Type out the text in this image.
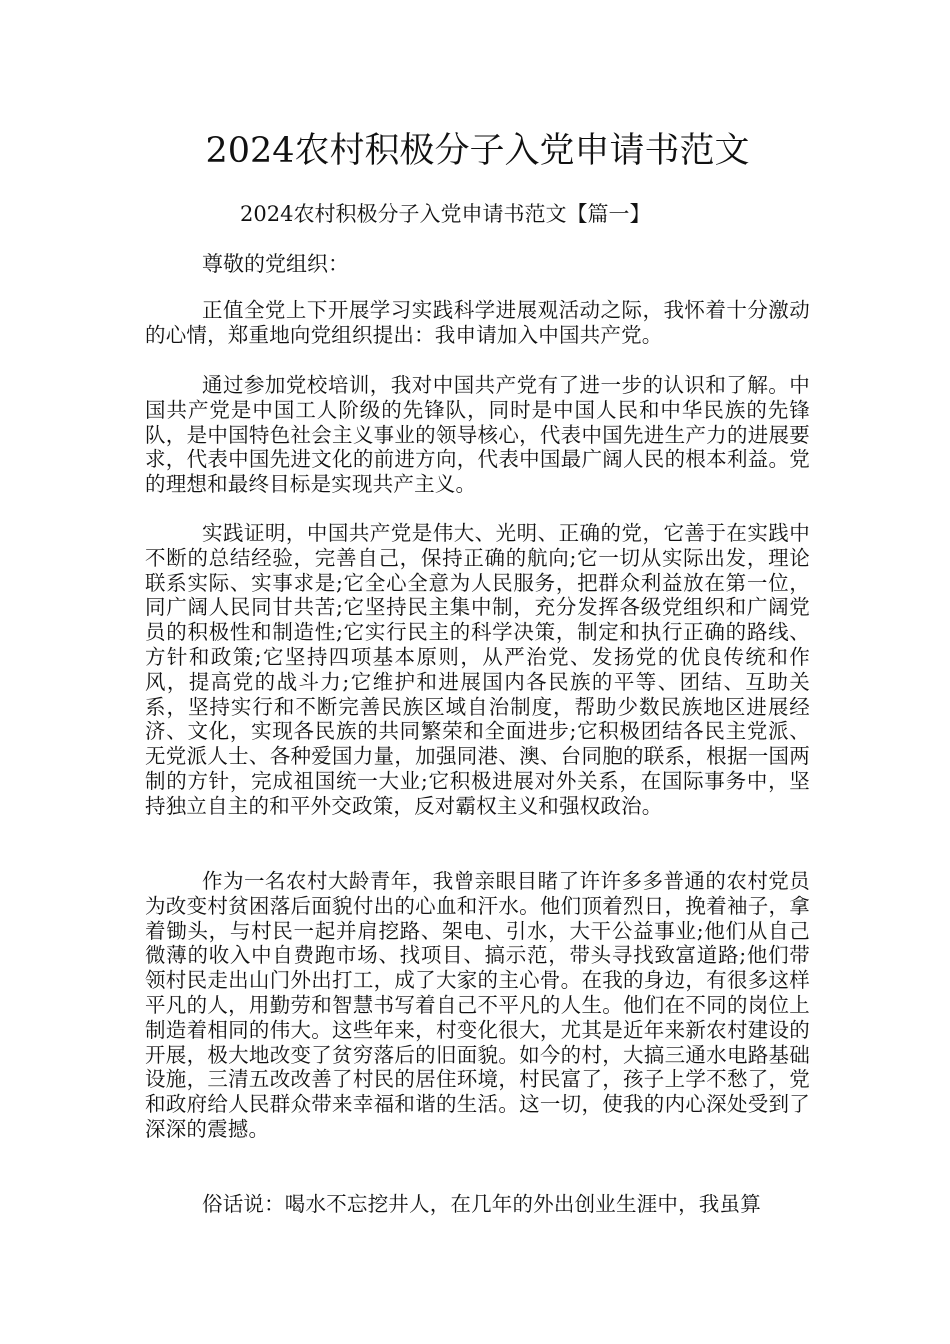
2024农村积极分子入党申请书范文

2024农村积极分子入党申请书范文【篇一】

尊敬的党组织：

正值全党上下开展学习实践科学进展观活动之际，我怀着十分激动的心情，郑重地向党组织提出：我申请加入中国共产党。

通过参加党校培训，我对中国共产党有了进一步的认识和了解。中国共产党是中国工人阶级的先锋队，同时是中国人民和中华民族的先锋队，是中国特色社会主义事业的领导核心，代表中国先进生产力的进展要求，代表中国先进文化的前进方向，代表中国最广阔人民的根本利益。党的理想和最终目标是实现共产主义。

实践证明，中国共产党是伟大、光明、正确的党，它善于在实践中不断的总结经验，完善自己，保持正确的航向;它一切从实际出发，理论联系实际、实事求是;它全心全意为人民服务，把群众利益放在第一位，同广阔人民同甘共苦;它坚持民主集中制，充分发挥各级党组织和广阔党员的积极性和制造性;它实行民主的科学决策，制定和执行正确的路线、方针和政策;它坚持四项基本原则，从严治党、发扬党的优良传统和作风，提高党的战斗力;它维护和进展国内各民族的平等、团结、互助关系，坚持实行和不断完善民族区域自治制度，帮助少数民族地区进展经济、文化，实现各民族的共同繁荣和全面进步;它积极团结各民主党派、无党派人士、各种爱国力量，加强同港、澳、台同胞的联系，根据一国两制的方针，完成祖国统一大业;它积极进展对外关系，在国际事务中，坚持独立自主的和平外交政策，反对霸权主义和强权政治。

作为一名农村大龄青年，我曾亲眼目睹了许许多多普通的农村党员为改变村贫困落后面貌付出的心血和汗水。他们顶着烈日，挽着袖子，拿着锄头，与村民一起并肩挖路、架电、引水，大干公益事业;他们从自己微薄的收入中自费跑市场、找项目、搞示范，带头寻找致富道路;他们带领村民走出山门外出打工，成了大家的主心骨。在我的身边，有很多这样平凡的人，用勤劳和智慧书写着自己不平凡的人生。他们在不同的岗位上制造着相同的伟大。这些年来，村变化很大，尤其是近年来新农村建设的开展，极大地改变了贫穷落后的旧面貌。如今的村，大搞三通水电路基础设施，三清五改改善了村民的居住环境，村民富了，孩子上学不愁了，党和政府给人民群众带来幸福和谐的生活。这一切，使我的内心深处受到了深深的震撼。

俗话说：喝水不忘挖井人，在几年的外出创业生涯中，我虽算
